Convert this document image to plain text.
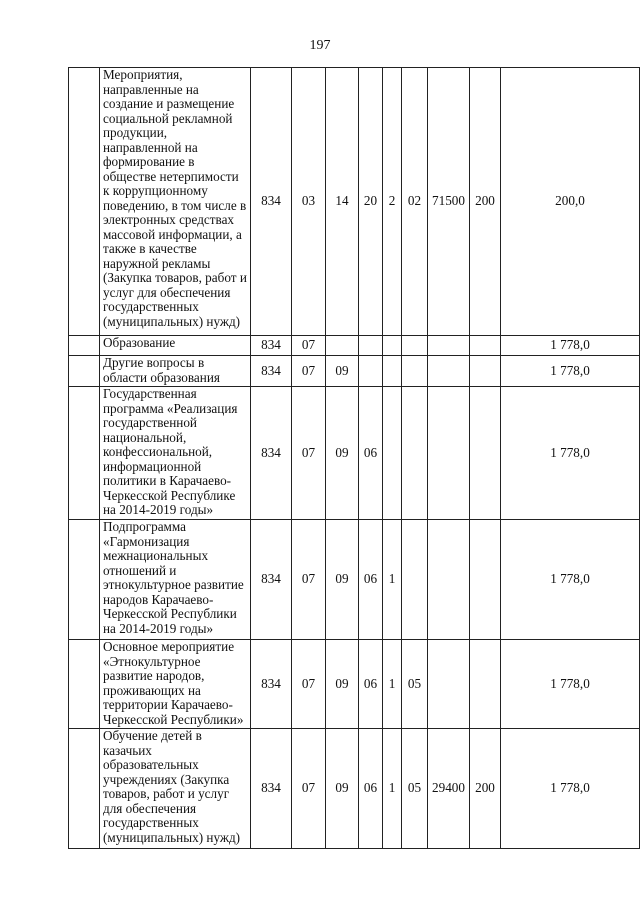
197
	Мероприятия, направленные на создание и размещение социальной рекламной продукции, направленной на формирование в обществе нетерпимости к коррупционному поведению, в том числе в электронных средствах массовой информации, а также в качестве наружной рекламы (Закупка товаров, работ и услуг для обеспечения государственных (муниципальных) нужд)	834	03	14	20	2	02	71500	200	200,0
	Образование	834	07							1 778,0
	Другие вопросы в области образования	834	07	09						1 778,0
	Государственная программа «Реализация государственной национальной, конфессиональной, информационной политики в Карачаево-Черкесской Республике на 2014-2019 годы»	834	07	09	06					1 778,0
	Подпрограмма «Гармонизация межнациональных отношений и этнокультурное развитие народов Карачаево-Черкесской Республики на 2014-2019 годы»	834	07	09	06	1				1 778,0
	Основное мероприятие «Этнокультурное развитие народов, проживающих на территории Карачаево-Черкесской Республики»	834	07	09	06	1	05			1 778,0
	Обучение детей в казачьих образовательных учреждениях (Закупка товаров, работ и услуг для обеспечения государственных (муниципальных) нужд)	834	07	09	06	1	05	29400	200	1 778,0
